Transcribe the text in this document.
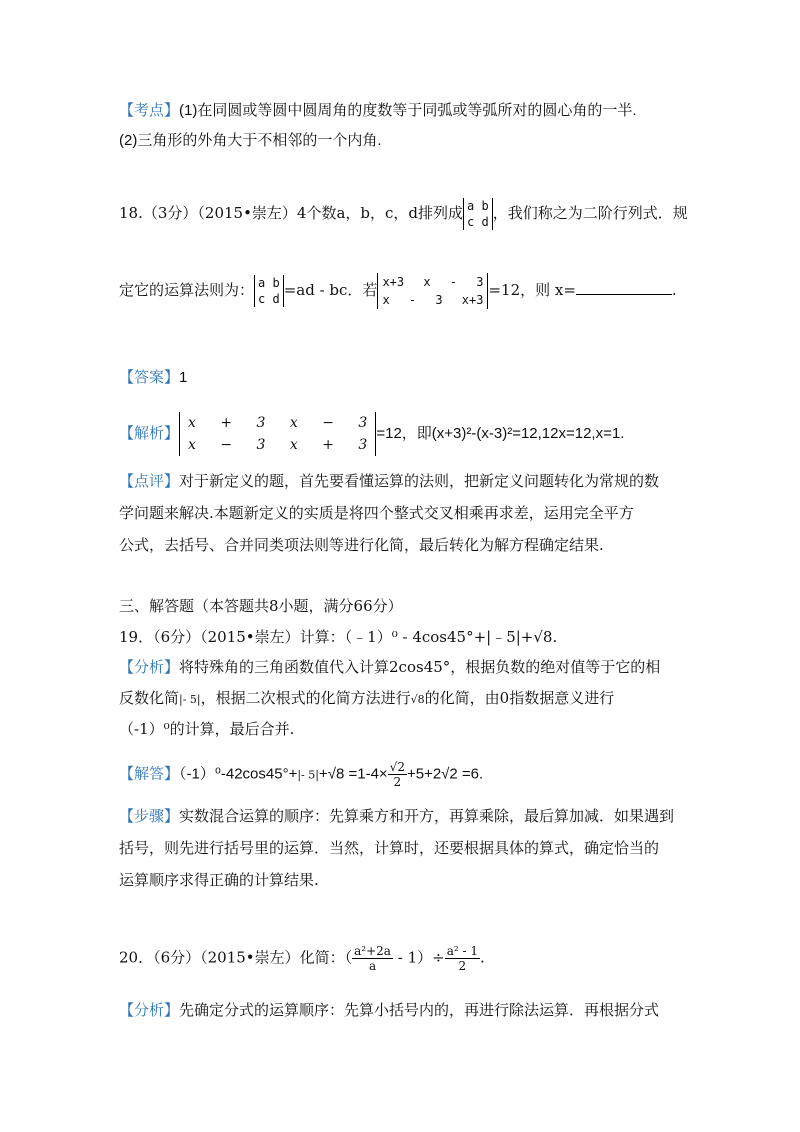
【考点】(1)在同圆或等圆中圆周角的度数等于同弧或等弧所对的圆心角的一半.
(2)三角形的外角大于不相邻的一个内角.
18.（3分）（2015•崇左）4个数a，b，c，d排列成 a b
c d ，我们称之为二阶行列式．规
定它的运算法则为： a b
c d =ad - bc．若 x+3 x - 3
x - 3 x+3
=12，则 x=	.
【答案】1
【解析】
x + 3 x − 3
x − 3 x + 3
=12，即(x+3)²-(x-3)²=12,12x=12,x=1.
【点评】对于新定义的题，首先要看懂运算的法则，把新定义问题转化为常规的数
学问题来解决.本题新定义的实质是将四个整式交叉相乘再求差，运用完全平方
公式，去括号、合并同类项法则等进行化简，最后转化为解方程确定结果.
三、解答题（本答题共8小题，满分66分）
19．（6分）（2015•崇左）计算：（﹣1）⁰ - 4cos45°+|﹣5|+√8.
【分析】将特殊角的三角函数值代入计算2cos45°，根据负数的绝对值等于它的相
反数化简|- 5|，根据二次根式的化简方法进行√8的化简，由0指数据意义进行
（-1）⁰的计算，最后合并.
【解答】（-1）⁰-42cos45°+|- $5|+√8 =1-4\times \frac{√2}{2} +5+2√2 =6$.
【步骤】实数混合运算的顺序：先算乘方和开方，再算乘除，最后算加减．如果遇到
括号，则先进行括号里的运算．当然，计算时，还要根据具体的算式，确定恰当的
运算顺序求得正确的计算结果.
20．（6分）（2015•崇左）化简：（ $\frac{\text{a²+2a}}{a} - 1)\div \frac{\text{a² - 1}}{2}$ .
【分析】先确定分式的运算顺序：先算小括号内的，再进行除法运算．再根据分式
